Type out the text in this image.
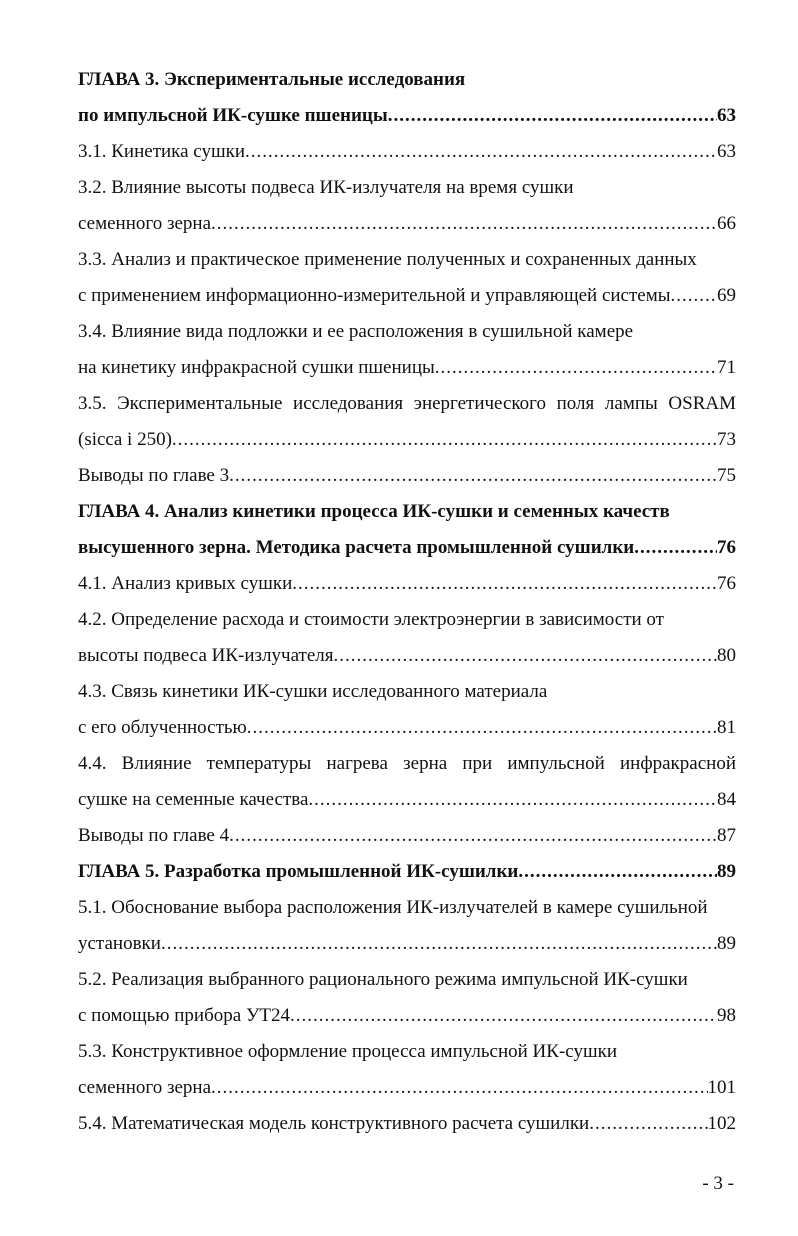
ГЛАВА 3. Экспериментальные исследования
по импульсной ИК-сушке пшеницы .....	63
3.1. Кинетика сушки .....	63
3.2. Влияние высоты подвеса ИК-излучателя на время сушки
семенного зерна .....	66
3.3. Анализ и практическое применение полученных и сохраненных данных
с применением информационно-измерительной и управляющей системы ..... 69
3.4. Влияние вида подложки и ее расположения в сушильной камере
на кинетику инфракрасной сушки пшеницы .....	71
3.5. Экспериментальные исследования энергетического поля лампы OSRAM
(sicca i 250) .....	73
Выводы по главе 3 .....	75
ГЛАВА 4. Анализ кинетики процесса ИК-сушки и семенных качеств
высушенного зерна. Методика расчета промышленной сушилки .....	76
4.1. Анализ кривых сушки .....	76
4.2. Определение расхода и стоимости электроэнергии в зависимости от
высоты подвеса ИК-излучателя .....	80
4.3. Связь кинетики ИК-сушки исследованного материала
с его облученностью .....	81
4.4. Влияние температуры нагрева зерна при импульсной инфракрасной
сушке на семенные качества .....	84
Выводы по главе 4 .....	87
ГЛАВА 5. Разработка промышленной ИК-сушилки .....	89
5.1. Обоснование выбора расположения ИК-излучателей в камере сушильной
установки .....	89
5.2. Реализация выбранного рационального режима импульсной ИК-сушки
с помощью прибора УТ24 .....	98
5.3. Конструктивное оформление процесса импульсной ИК-сушки
семенного зерна .....	101
5.4. Математическая модель конструктивного расчета сушилки .....	102
- 3 -
